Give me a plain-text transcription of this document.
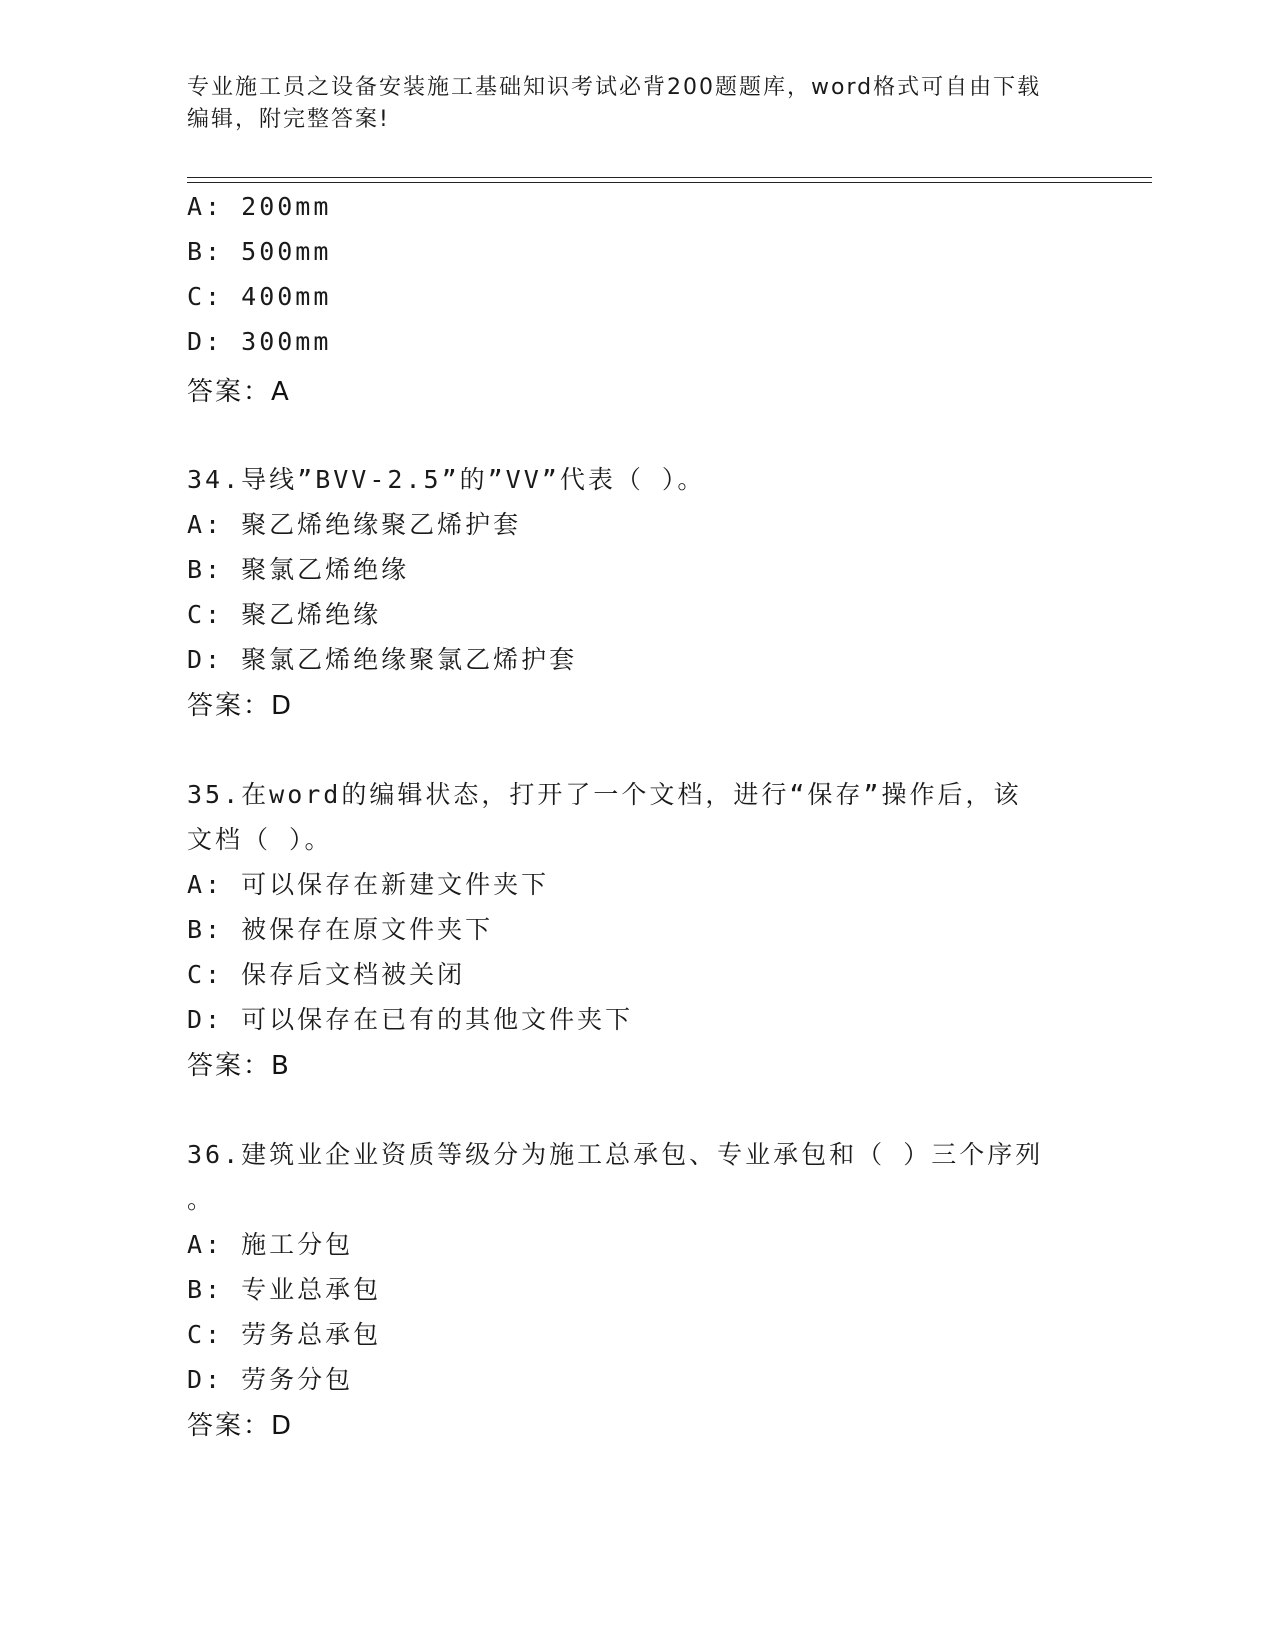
专业施工员之设备安装施工基础知识考试必背200题题库，word格式可自由下载
编辑，附完整答案!
A: 200mm
B: 500mm
C: 400mm
D: 300mm
答案：A
34.导线”BVV-2.5”的”VV”代表（ ）。
A: 聚乙烯绝缘聚乙烯护套
B: 聚氯乙烯绝缘
C: 聚乙烯绝缘
D: 聚氯乙烯绝缘聚氯乙烯护套
答案：D
35.在word的编辑状态，打开了一个文档，进行“保存”操作后，该
文档（ ）。
A: 可以保存在新建文件夹下
B: 被保存在原文件夹下
C: 保存后文档被关闭
D: 可以保存在已有的其他文件夹下
答案：B
36.建筑业企业资质等级分为施工总承包、专业承包和（ ）三个序列
。
A: 施工分包
B: 专业总承包
C: 劳务总承包
D: 劳务分包
答案：D
